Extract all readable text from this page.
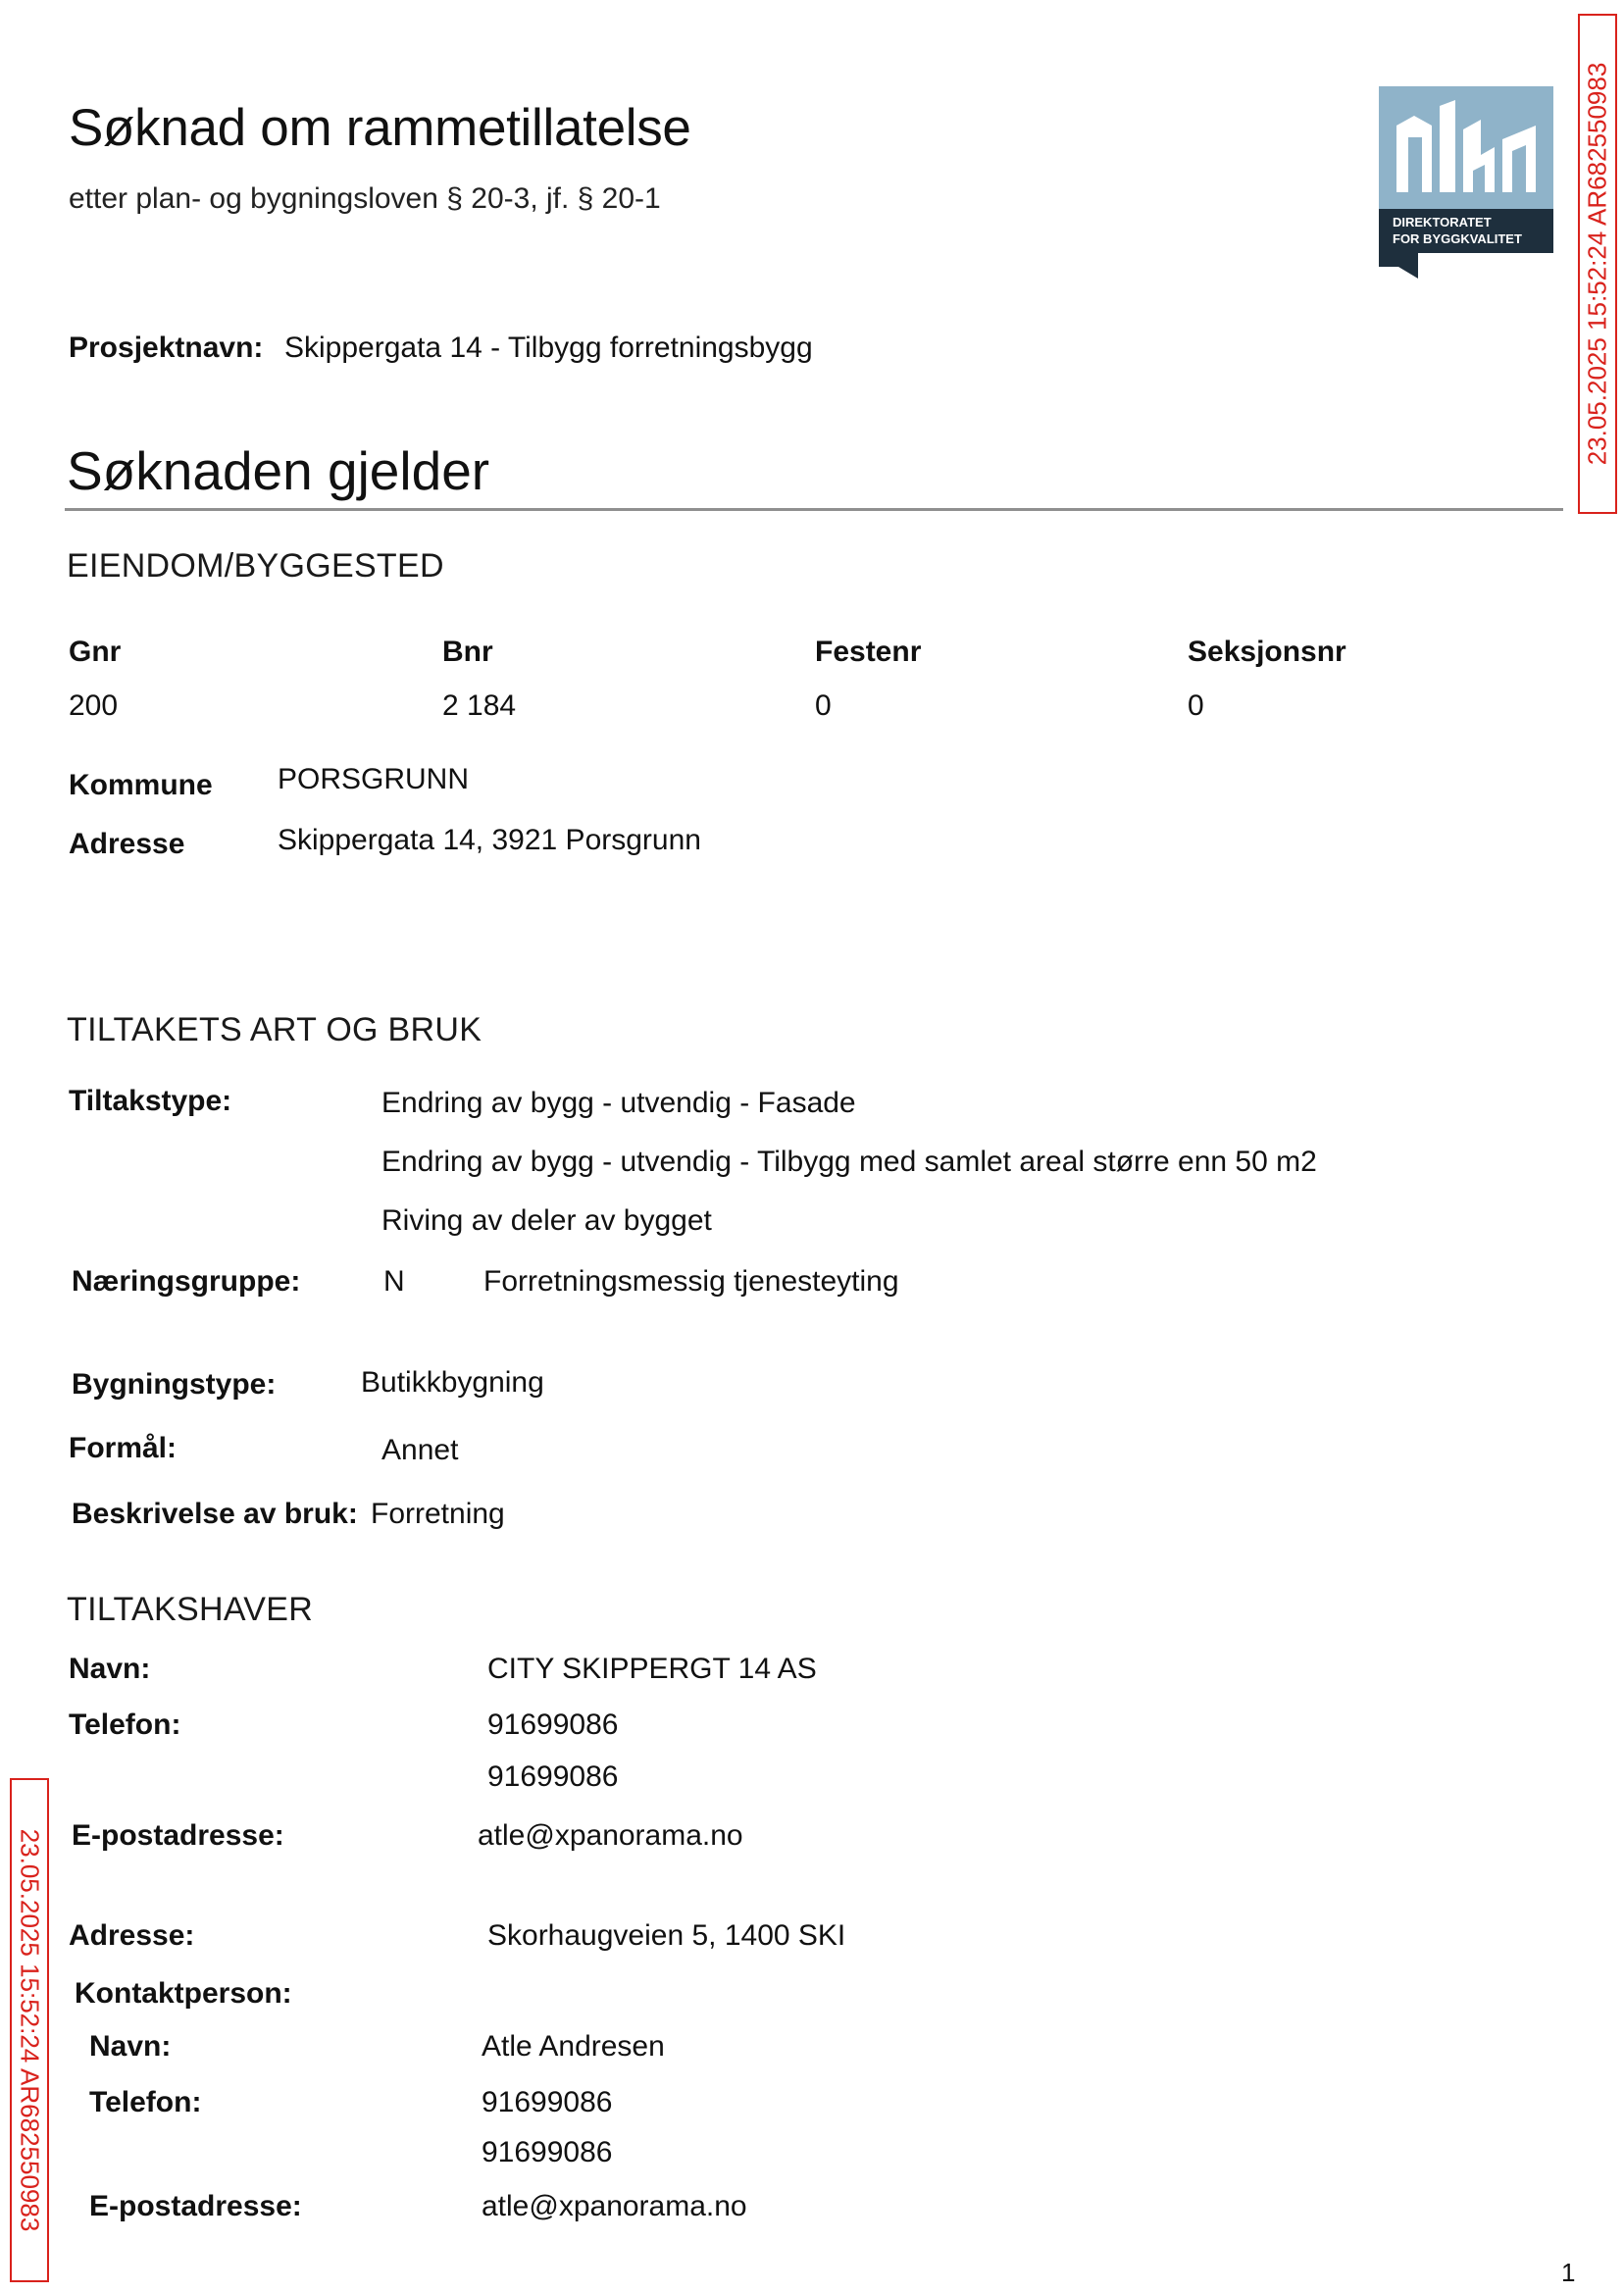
23.05.2025 15:52:24 AR682550983
23.05.2025 15:52:24 AR682550983
Søknad om rammetillatelse
etter plan- og bygningsloven § 20-3, jf. § 20-1
DIREKTORATET
FOR BYGGKVALITET
Prosjektnavn: Skippergata 14 - Tilbygg forretningsbygg
Søknaden gjelder
EIENDOM/BYGGESTED
Gnr	Bnr	Festenr	Seksjonsnr
200	2 184	0	0
Kommune PORSGRUNN
Adresse	Skippergata 14, 3921 Porsgrunn
TILTAKETS ART OG BRUK
Tiltakstype:	Endring av bygg - utvendig - Fasade
Endring av bygg - utvendig - Tilbygg med samlet areal større enn 50 m2
Riving av deler av bygget
Næringsgruppe:	N	Forretningsmessig tjenesteyting
Bygningstype:	Butikkbygning
Formål:	Annet
Beskrivelse av bruk: Forretning
TILTAKSHAVER
Navn:	CITY SKIPPERGT 14 AS
Telefon:	91699086
91699086
E-postadresse:	atle@xpanorama.no
Adresse:	Skorhaugveien 5, 1400 SKI
Kontaktperson:
Navn:	Atle Andresen
Telefon:	91699086
91699086
E-postadresse:	atle@xpanorama.no
1
